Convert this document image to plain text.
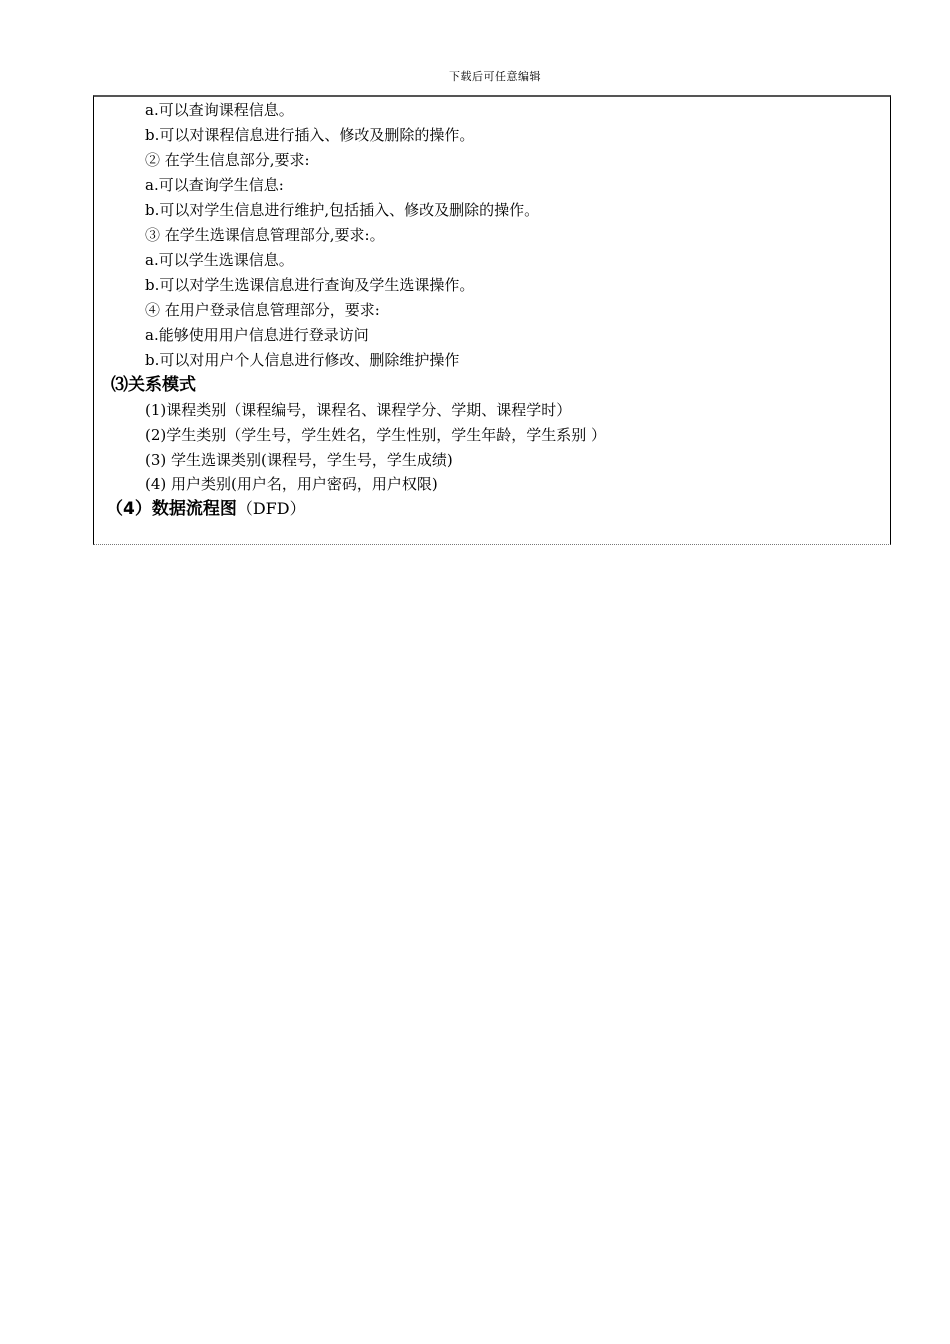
下载后可任意编辑
a.可以查询课程信息。
b.可以对课程信息进行插入、修改及删除的操作。
② 在学生信息部分,要求:
a.可以查询学生信息:
b.可以对学生信息进行维护,包括插入、修改及删除的操作。
③ 在学生选课信息管理部分,要求:。
a.可以学生选课信息。
b.可以对学生选课信息进行查询及学生选课操作。
④ 在用户登录信息管理部分，要求:
a.能够使用用户信息进行登录访问
b.可以对用户个人信息进行修改、删除维护操作
⑶关系模式
(1)课程类别（课程编号，课程名、课程学分、学期、课程学时）
(2)学生类别（学生号，学生姓名，学生性别，学生年龄，学生系别 ）
(3) 学生选课类别(课程号，学生号，学生成绩)
(4) 用户类别(用户名，用户密码，用户权限)
（4）数据流程图（DFD）
